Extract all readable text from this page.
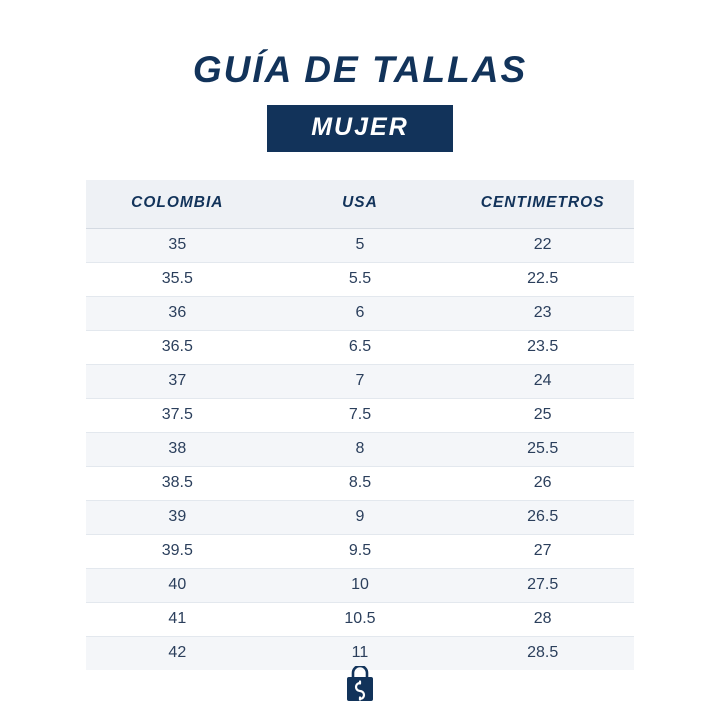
GUÍA DE TALLAS
MUJER
COLOMBIA	USA	CENTIMETROS
35	5	22
35.5	5.5	22.5
36	6	23
36.5	6.5	23.5
37	7	24
37.5	7.5	25
38	8	25.5
38.5	8.5	26
39	9	26.5
39.5	9.5	27
40	10	27.5
41	10.5	28
42	11	28.5
